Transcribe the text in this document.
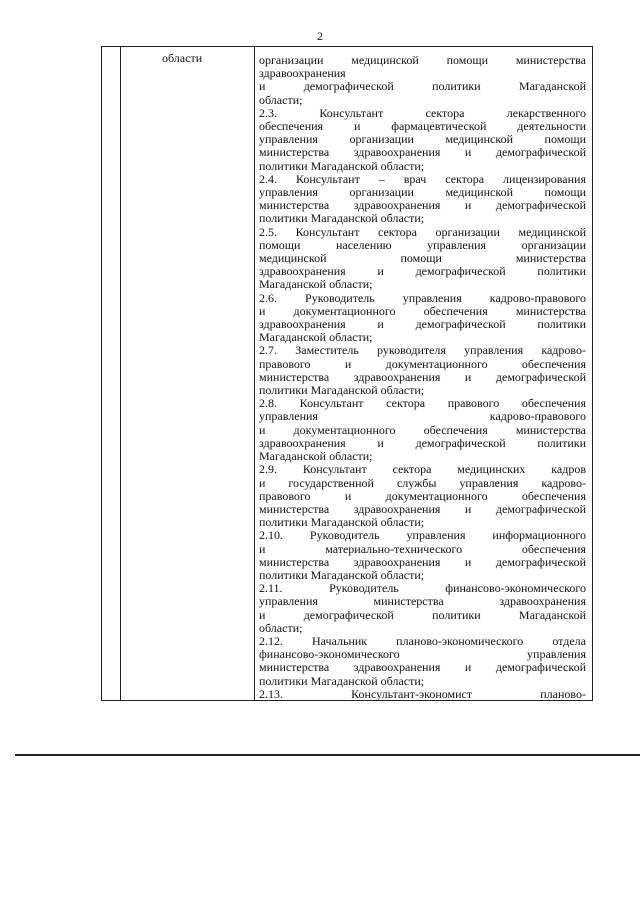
2
области	организации медицинской помощи министерства

здравоохранения

и демографической политики Магаданской

области;

2.3. Консультант сектора лекарственного

обеспечения и фармацевтической деятельности

управления организации медицинской помощи

министерства здравоохранения и демографической

политики Магаданской области;

2.4. Консультант – врач сектора лицензирования

управления организации медицинской помощи

министерства здравоохранения и демографической

политики Магаданской области;

2.5. Консультант сектора организации медицинской

помощи населению управления организации

медицинской помощи министерства

здравоохранения и демографической политики

Магаданской области;

2.6. Руководитель управления кадрово-правового

и документационного обеспечения министерства

здравоохранения и демографической политики

Магаданской области;

2.7. Заместитель руководителя управления кадрово-

правового и документационного обеспечения

министерства здравоохранения и демографической

политики Магаданской области;

2.8. Консультант сектора правового обеспечения

управления кадрово-правового

и документационного обеспечения министерства

здравоохранения и демографической политики

Магаданской области;

2.9. Консультант сектора медицинских кадров

и государственной службы управления кадрово-

правового и документационного обеспечения

министерства здравоохранения и демографической

политики Магаданской области;

2.10. Руководитель управления информационного

и материально-технического обеспечения

министерства здравоохранения и демографической

политики Магаданской области;

2.11. Руководитель финансово-экономического

управления министерства здравоохранения

и демографической политики Магаданской

области;

2.12. Начальник планово-экономического отдела

финансово-экономического управления

министерства здравоохранения и демографической

политики Магаданской области;

2.13. Консультант-экономист планово-
